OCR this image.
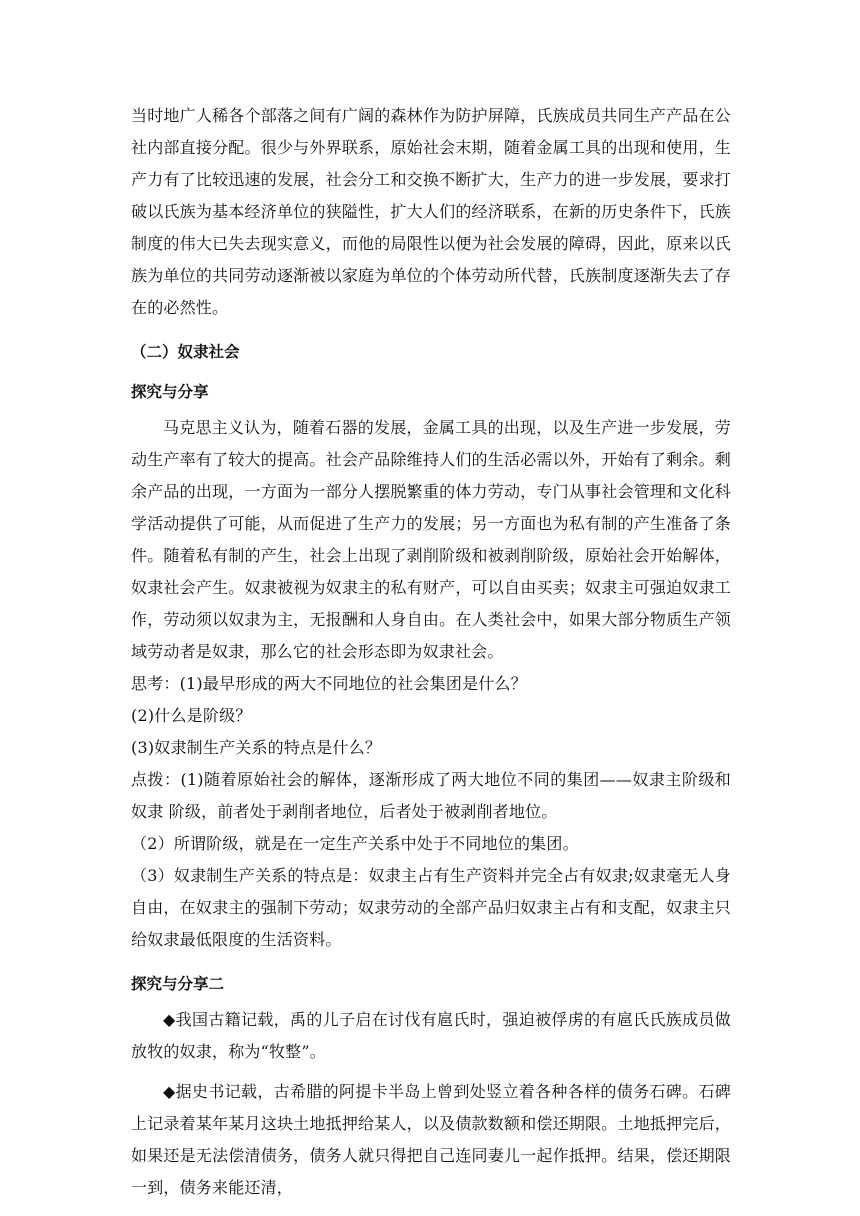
当时地广人稀各个部落之间有广阔的森林作为防护屏障，氏族成员共同生产产品在公社内部直接分配。很少与外界联系，原始社会末期，随着金属工具的出现和使用，生产力有了比较迅速的发展，社会分工和交换不断扩大，生产力的进一步发展，要求打破以氏族为基本经济单位的狭隘性，扩大人们的经济联系，在新的历史条件下，氏族制度的伟大已失去现实意义，而他的局限性以便为社会发展的障碍，因此，原来以氏族为单位的共同劳动逐渐被以家庭为单位的个体劳动所代替，氏族制度逐渐失去了存在的必然性。

（二）奴隶社会

探究与分享

马克思主义认为，随着石器的发展，金属工具的出现，以及生产进一步发展，劳动生产率有了较大的提高。社会产品除维持人们的生活必需以外，开始有了剩余。剩余产品的出现，一方面为一部分人摆脱繁重的体力劳动，专门从事社会管理和文化科学活动提供了可能，从而促进了生产力的发展；另一方面也为私有制的产生准备了条件。随着私有制的产生，社会上出现了剥削阶级和被剥削阶级，原始社会开始解体，奴隶社会产生。奴隶被视为奴隶主的私有财产，可以自由买卖；奴隶主可强迫奴隶工作，劳动须以奴隶为主，无报酬和人身自由。在人类社会中，如果大部分物质生产领域劳动者是奴隶，那么它的社会形态即为奴隶社会。

思考：(1)最早形成的两大不同地位的社会集团是什么？

(2)什么是阶级？

(3)奴隶制生产关系的特点是什么？

点拨：(1)随着原始社会的解体，逐渐形成了两大地位不同的集团——奴隶主阶级和奴隶 阶级，前者处于剥削者地位，后者处于被剥削者地位。

（2）所谓阶级，就是在一定生产关系中处于不同地位的集团。

（3）奴隶制生产关系的特点是：奴隶主占有生产资料并完全占有奴隶;奴隶毫无人身自由，在奴隶主的强制下劳动；奴隶劳动的全部产品归奴隶主占有和支配，奴隶主只给奴隶最低限度的生活资料。

探究与分享二

◆我国古籍记载，禹的儿子启在讨伐有扈氏时，强迫被俘虏的有扈氏氏族成员做放牧的奴隶，称为“牧整”。

◆据史书记载，古希腊的阿提卡半岛上曾到处竖立着各种各样的债务石碑。石碑上记录着某年某月这块土地抵押给某人，以及债款数额和偿还期限。土地抵押完后，如果还是无法偿清债务，债务人就只得把自己连同妻儿一起作抵押。结果，偿还期限一到，债务来能还清，
